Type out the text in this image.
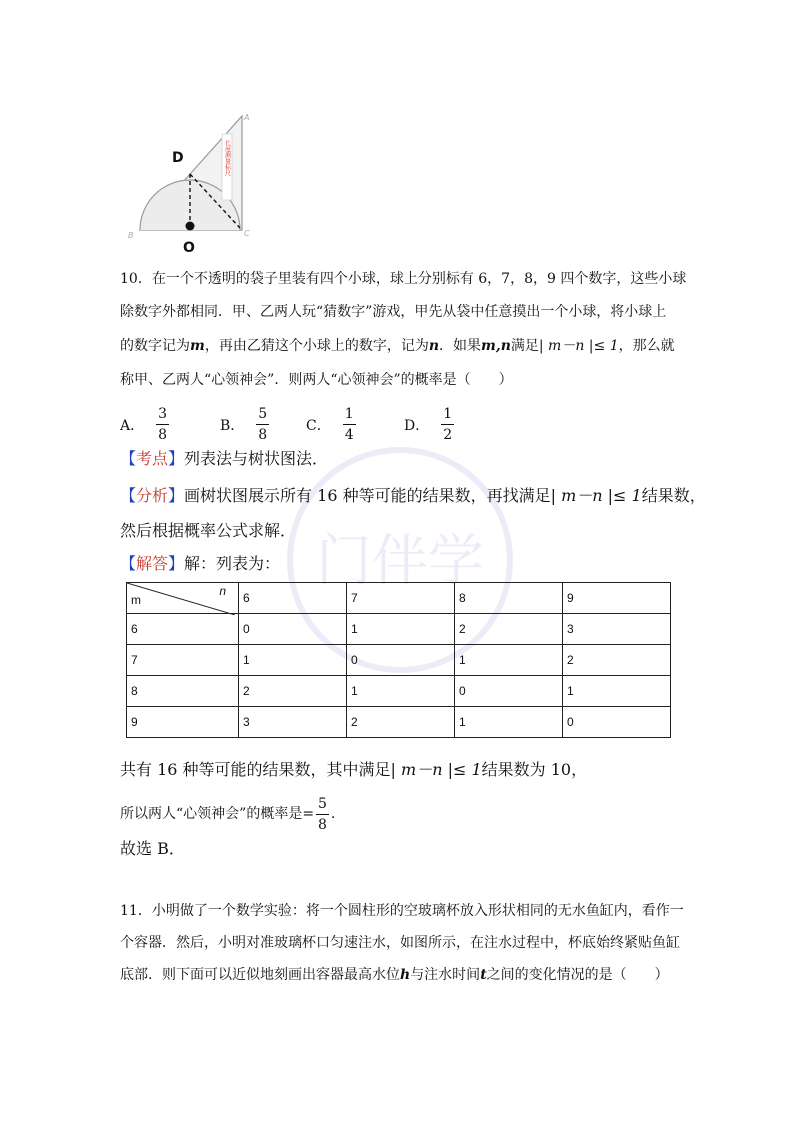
门伴学
长度测量标尺
D
O
B	C
A
10．在一个不透明的袋子里装有四个小球，球上分别标有 6，7，8，9 四个数字，这些小球
除数字外都相同．甲、乙两人玩“猜数字”游戏，甲先从袋中任意摸出一个小球，将小球上
的数字记为m，再由乙猜这个小球上的数字，记为n．如果m,n满足| m－n |≤ 1，那么就
称甲、乙两人“心领神会”．则两人“心领神会”的概率是（　　）
A． $\frac{3}{8}$	B． $\frac{5}{8}$	C． $\frac{1}{4}$	D． $\frac{1}{2}$
【考点】列表法与树状图法．
【分析】画树状图展示所有 16 种等可能的结果数，再找满足| m－n |≤ 1结果数，
然后根据概率公式求解．
【解答】解：列表为：
m
n	6	7	8	9
6	0	1	2	3
7	1	0	1	2
8	2	1	0	1
9	3	2	1	0
共有 16 种等可能的结果数，其中满足| m－n |≤ 1结果数为 10，
所以两人“心领神会”的概率是= $\frac{5}{8}$ ．
故选 B．
11．小明做了一个数学实验：将一个圆柱形的空玻璃杯放入形状相同的无水鱼缸内，看作一
个容器．然后，小明对准玻璃杯口匀速注水，如图所示，在注水过程中，杯底始终紧贴鱼缸
底部．则下面可以近似地刻画出容器最高水位h与注水时间t之间的变化情况的是（　　）
